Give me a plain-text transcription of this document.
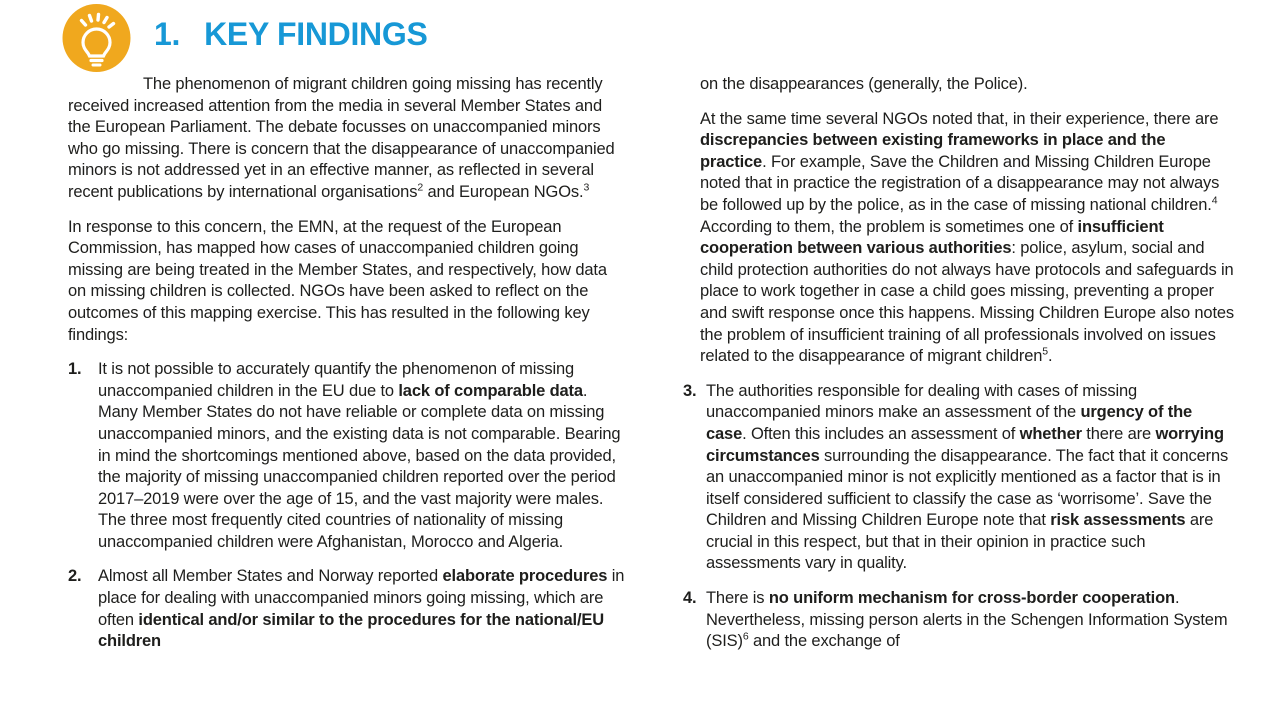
1. KEY FINDINGS

The phenomenon of migrant children going missing has recently received increased attention from the media in several Member States and the European Parliament. The debate focusses on unaccompanied minors who go missing. There is concern that the disappearance of unaccompanied minors is not addressed yet in an effective manner, as reflected in several recent publications by international organisations$^2$ and European NGOs.$^3$

In response to this concern, the EMN, at the request of the European Commission, has mapped how cases of unaccompanied children going missing are being treated in the Member States, and respectively, how data on missing children is collected. NGOs have been asked to reflect on the outcomes of this mapping exercise. This has resulted in the following key findings:

1.	It is not possible to accurately quantify the phenomenon of missing unaccompanied children in the EU due to lack of comparable data. Many Member States do not have reliable or complete data on missing unaccompanied minors, and the existing data is not comparable. Bearing in mind the shortcomings mentioned above, based on the data provided, the majority of missing unaccompanied children reported over the period 2017–2019 were over the age of 15, and the vast majority were males. The three most frequently cited countries of nationality of missing unaccompanied children were Afghanistan, Morocco and Algeria.
2.	Almost all Member States and Norway reported elaborate procedures in place for dealing with unaccompanied minors going missing, which are often identical and/or similar to the procedures for the national/EU children

on the disappearances (generally, the Police).

At the same time several NGOs noted that, in their experience, there are discrepancies between existing frameworks in place and the practice. For example, Save the Children and Missing Children Europe noted that in practice the registration of a disappearance may not always be followed up by the police, as in the case of missing national children.$^4$ According to them, the problem is sometimes one of insufficient cooperation between various authorities: police, asylum, social and child protection authorities do not always have protocols and safeguards in place to work together in case a child goes missing, preventing a proper and swift response once this happens. Missing Children Europe also notes the problem of insufficient training of all professionals involved on issues related to the disappearance of migrant children$^5$.

3. The authorities responsible for dealing with cases of missing unaccompanied minors make an assessment of the urgency of the case. Often this includes an assessment of whether there are worrying circumstances surrounding the disappearance. The fact that it concerns an unaccompanied minor is not explicitly mentioned as a factor that is in itself considered sufficient to classify the case as ‘worrisome’. Save the Children and Missing Children Europe note that risk assessments are crucial in this respect, but that in their opinion in practice such assessments vary in quality.
4. There is no uniform mechanism for cross-border cooperation. Nevertheless, missing person alerts in the Schengen Information System (SIS)$^6$ and the exchange of
